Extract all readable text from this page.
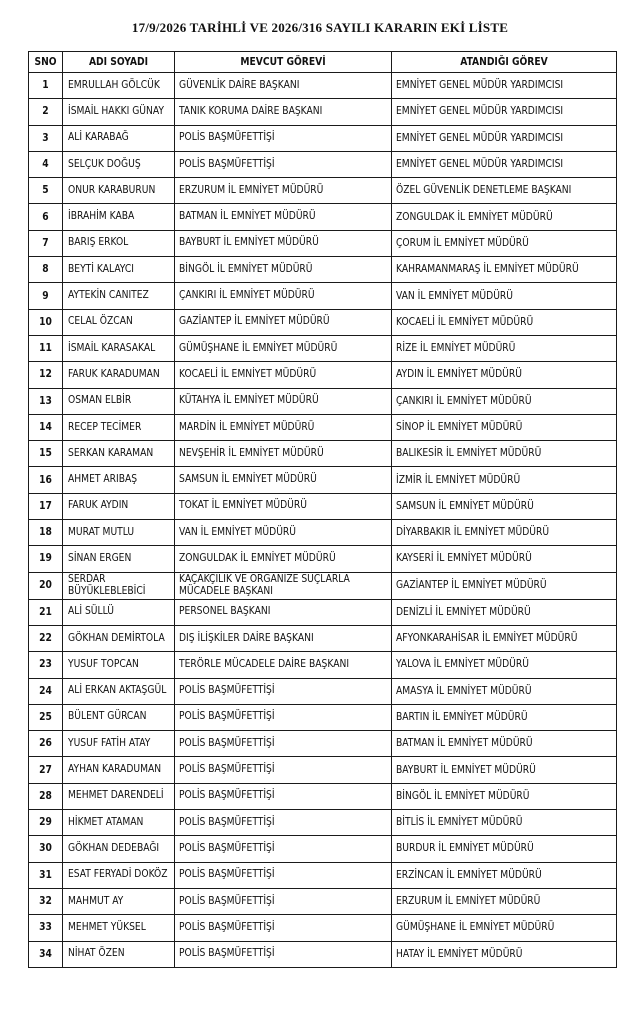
17/9/2026 TARİHLİ VE 2026/316 SAYILI KARARIN EKİ LİSTE
SNO	ADI SOYADI	MEVCUT GÖREVİ	ATANDIĞI GÖREV
1	EMRULLAH GÖLCÜK	GÜVENLİK DAİRE BAŞKANI	EMNİYET GENEL MÜDÜR YARDIMCISI
2	İSMAİL HAKKI GÜNAY	TANIK KORUMA DAİRE BAŞKANI	EMNİYET GENEL MÜDÜR YARDIMCISI
3	ALİ KARABAĞ	POLİS BAŞMÜFETTİŞİ	EMNİYET GENEL MÜDÜR YARDIMCISI
4	SELÇUK DOĞUŞ	POLİS BAŞMÜFETTİŞİ	EMNİYET GENEL MÜDÜR YARDIMCISI
5	ONUR KARABURUN	ERZURUM İL EMNİYET MÜDÜRÜ	ÖZEL GÜVENLİK DENETLEME BAŞKANI
6	İBRAHİM KABA	BATMAN İL EMNİYET MÜDÜRÜ	ZONGULDAK İL EMNİYET MÜDÜRÜ
7	BARIŞ ERKOL	BAYBURT İL EMNİYET MÜDÜRÜ	ÇORUM İL EMNİYET MÜDÜRÜ
8	BEYTİ KALAYCI	BİNGÖL İL EMNİYET MÜDÜRÜ	KAHRAMANMARAŞ İL EMNİYET MÜDÜRÜ
9	AYTEKİN CANITEZ	ÇANKIRI İL EMNİYET MÜDÜRÜ	VAN İL EMNİYET MÜDÜRÜ
10	CELAL ÖZCAN	GAZİANTEP İL EMNİYET MÜDÜRÜ	KOCAELİ İL EMNİYET MÜDÜRÜ
11	İSMAİL KARASAKAL	GÜMÜŞHANE İL EMNİYET MÜDÜRÜ	RİZE İL EMNİYET MÜDÜRÜ
12	FARUK KARADUMAN	KOCAELİ İL EMNİYET MÜDÜRÜ	AYDIN İL EMNİYET MÜDÜRÜ
13	OSMAN ELBİR	KÜTAHYA İL EMNİYET MÜDÜRÜ	ÇANKIRI İL EMNİYET MÜDÜRÜ
14	RECEP TECİMER	MARDİN İL EMNİYET MÜDÜRÜ	SİNOP İL EMNİYET MÜDÜRÜ
15	SERKAN KARAMAN	NEVŞEHİR İL EMNİYET MÜDÜRÜ	BALIKESİR İL EMNİYET MÜDÜRÜ
16	AHMET ARIBAŞ	SAMSUN İL EMNİYET MÜDÜRÜ	İZMİR İL EMNİYET MÜDÜRÜ
17	FARUK AYDIN	TOKAT İL EMNİYET MÜDÜRÜ	SAMSUN İL EMNİYET MÜDÜRÜ
18	MURAT MUTLU	VAN İL EMNİYET MÜDÜRÜ	DİYARBAKIR İL EMNİYET MÜDÜRÜ
19	SİNAN ERGEN	ZONGULDAK İL EMNİYET MÜDÜRÜ	KAYSERİ İL EMNİYET MÜDÜRÜ
20	SERDAR BÜYÜKLEBLEBİCİ	KAÇAKÇILIK VE ORGANİZE SUÇLARLA MÜCADELE BAŞKANI	GAZİANTEP İL EMNİYET MÜDÜRÜ
21	ALİ SÜLLÜ	PERSONEL BAŞKANI	DENİZLİ İL EMNİYET MÜDÜRÜ
22	GÖKHAN DEMİRTOLA	DIŞ İLİŞKİLER DAİRE BAŞKANI	AFYONKARAHİSAR İL EMNİYET MÜDÜRÜ
23	YUSUF TOPCAN	TERÖRLE MÜCADELE DAİRE BAŞKANI	YALOVA İL EMNİYET MÜDÜRÜ
24	ALİ ERKAN AKTAŞGÜL	POLİS BAŞMÜFETTİŞİ	AMASYA İL EMNİYET MÜDÜRÜ
25	BÜLENT GÜRCAN	POLİS BAŞMÜFETTİŞİ	BARTIN İL EMNİYET MÜDÜRÜ
26	YUSUF FATİH ATAY	POLİS BAŞMÜFETTİŞİ	BATMAN İL EMNİYET MÜDÜRÜ
27	AYHAN KARADUMAN	POLİS BAŞMÜFETTİŞİ	BAYBURT İL EMNİYET MÜDÜRÜ
28	MEHMET DARENDELİ	POLİS BAŞMÜFETTİŞİ	BİNGÖL İL EMNİYET MÜDÜRÜ
29	HİKMET ATAMAN	POLİS BAŞMÜFETTİŞİ	BİTLİS İL EMNİYET MÜDÜRÜ
30	GÖKHAN DEDEBAĞI	POLİS BAŞMÜFETTİŞİ	BURDUR İL EMNİYET MÜDÜRÜ
31	ESAT FERYADİ DOKÖZ	POLİS BAŞMÜFETTİŞİ	ERZİNCAN İL EMNİYET MÜDÜRÜ
32	MAHMUT AY	POLİS BAŞMÜFETTİŞİ	ERZURUM İL EMNİYET MÜDÜRÜ
33	MEHMET YÜKSEL	POLİS BAŞMÜFETTİŞİ	GÜMÜŞHANE İL EMNİYET MÜDÜRÜ
34	NİHAT ÖZEN	POLİS BAŞMÜFETTİŞİ	HATAY İL EMNİYET MÜDÜRÜ
